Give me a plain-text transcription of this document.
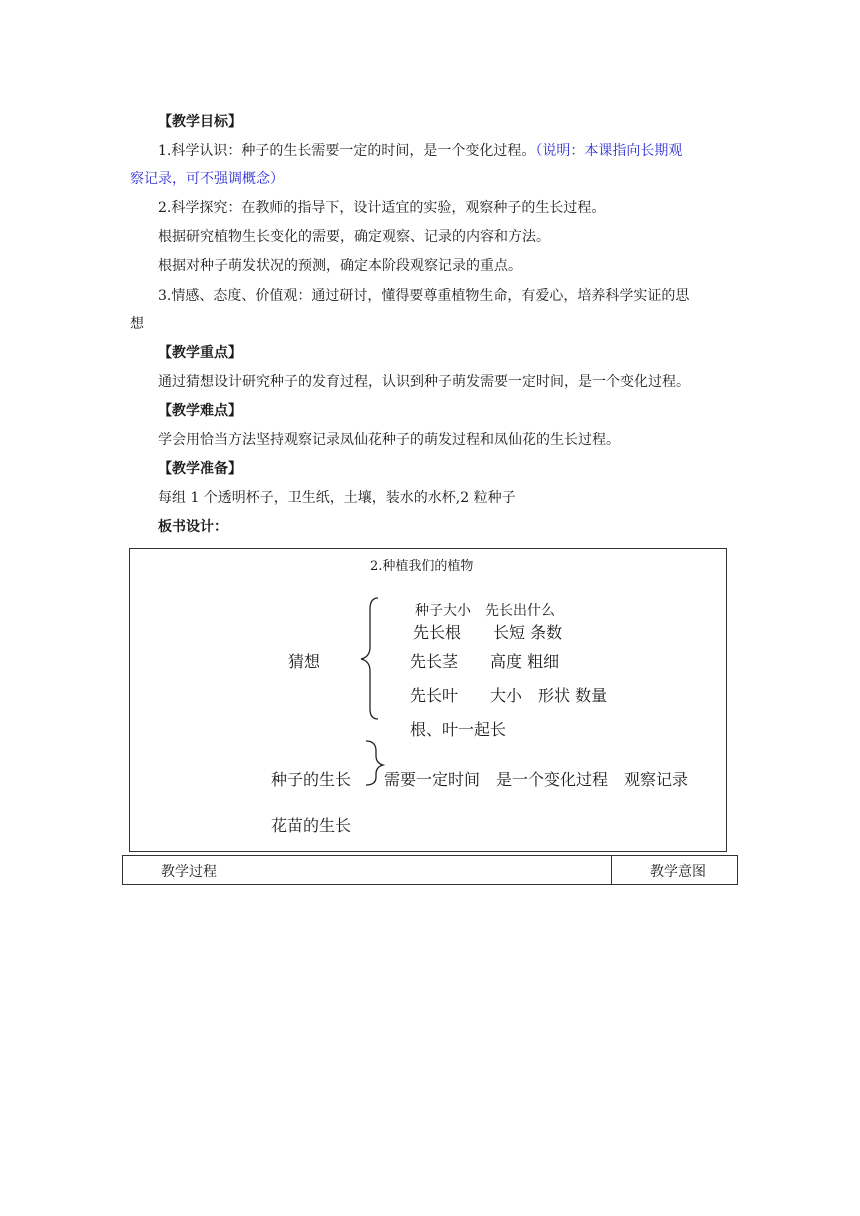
【教学目标】
1.科学认识：种子的生长需要一定的时间，是一个变化过程。（说明：本课指向长期观
察记录，可不强调概念）
2.科学探究：在教师的指导下，设计适宜的实验，观察种子的生长过程。
根据研究植物生长变化的需要，确定观察、记录的内容和方法。
根据对种子萌发状况的预测，确定本阶段观察记录的重点。
3.情感、态度、价值观：通过研讨，懂得要尊重植物生命，有爱心，培养科学实证的思
想
【教学重点】
通过猜想设计研究种子的发育过程，认识到种子萌发需要一定时间，是一个变化过程。
【教学难点】
学会用恰当方法坚持观察记录凤仙花种子的萌发过程和凤仙花的生长过程。
【教学准备】
每组 1 个透明杯子，卫生纸，土壤，装水的水杯,2 粒种子
板书设计：
2.种植我们的植物
种子大小　先长出什么
先长根　　长短 条数
猜想	先长茎　　高度 粗细
先长叶　　大小　形状 数量
根、叶一起长
种子的生长 需要一定时间　是一个变化过程　观察记录
花苗的生长
教学过程	教学意图
